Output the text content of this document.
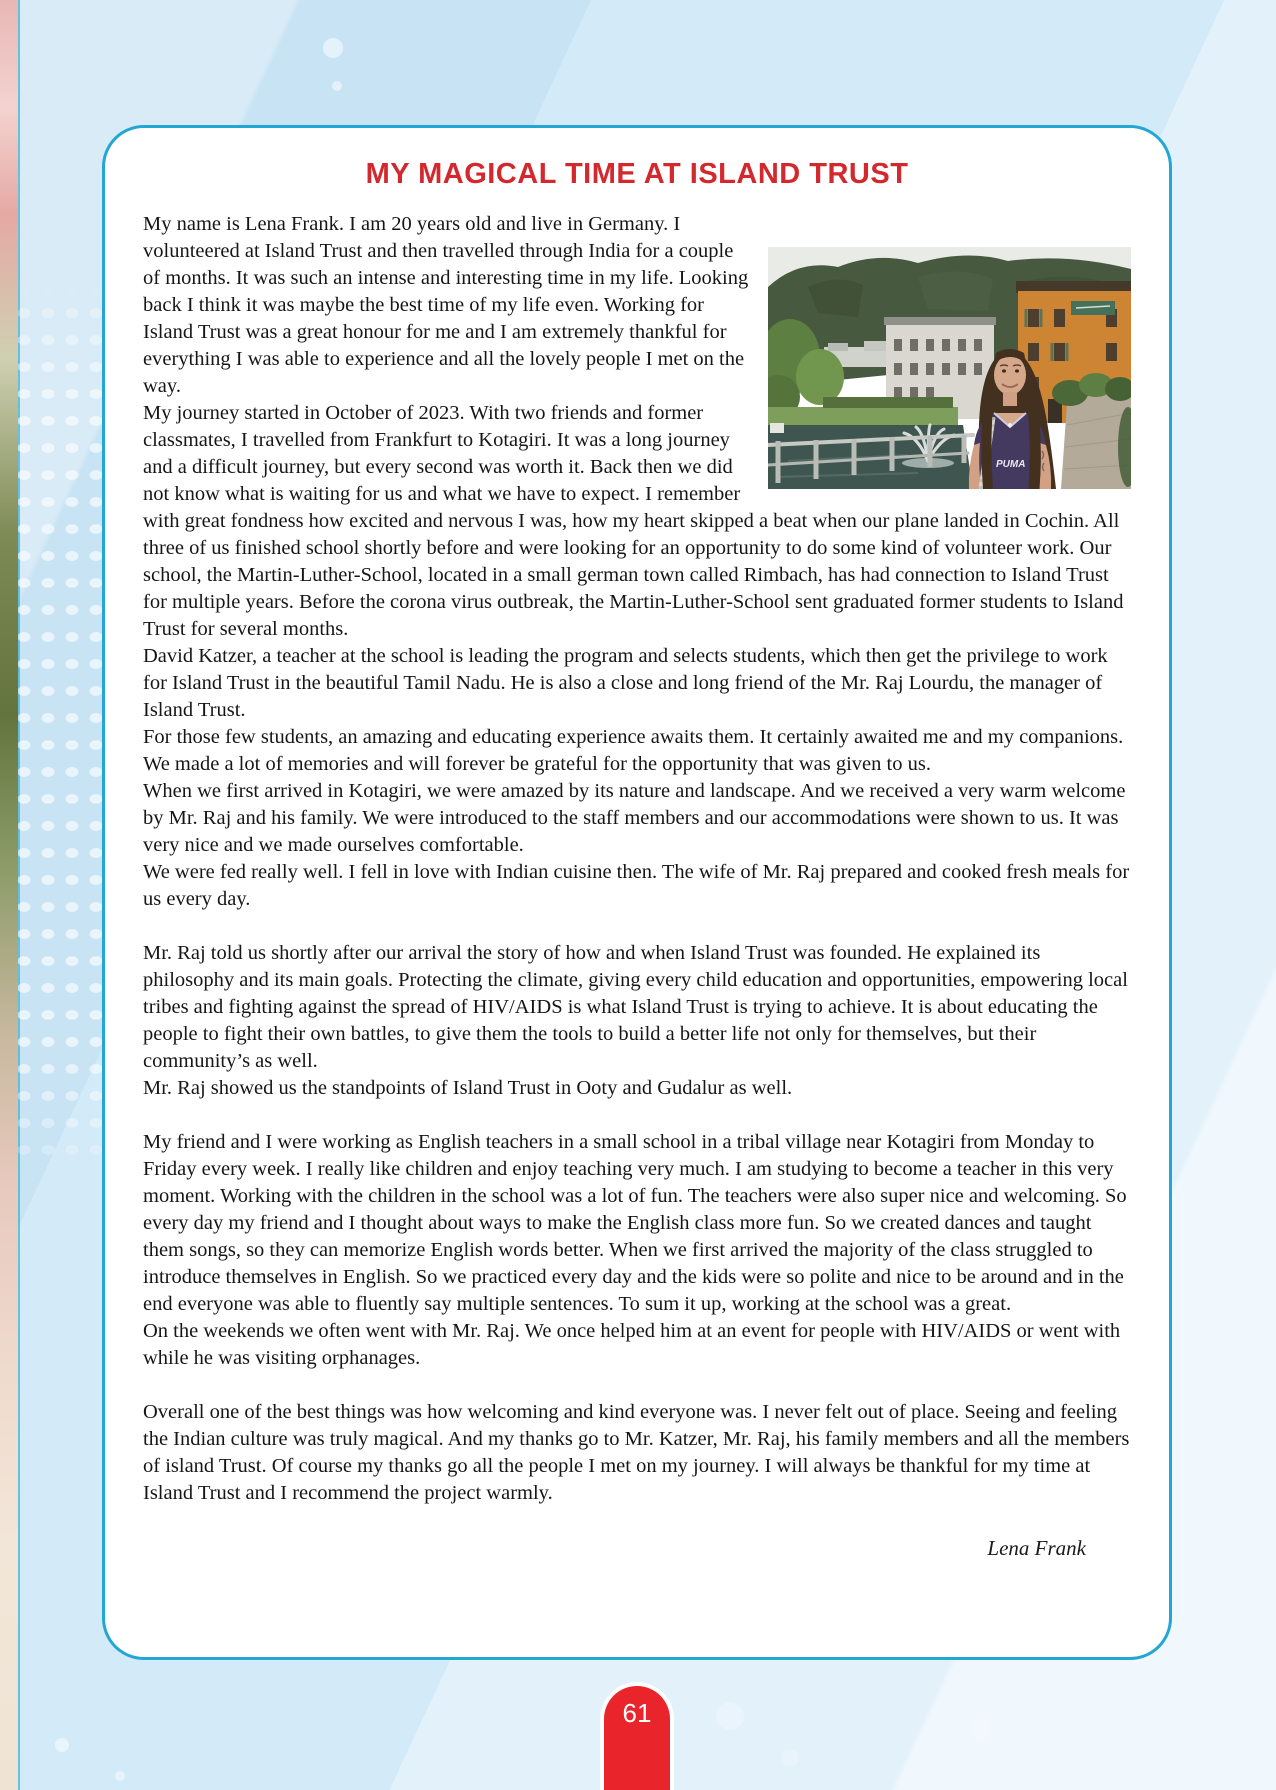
MY MAGICAL TIME AT ISLAND TRUST
PUMA

My name is Lena Frank. I am 20 years old and live in Germany. I volunteered at Island Trust and then travelled through India for a couple of months. It was such an intense and interesting time in my life. Looking back I think it was maybe the best time of my life even. Working for Island Trust was a great honour for me and I am extremely thankful for everything I was able to experience and all the lovely people I met on the way.

My journey started in October of 2023. With two friends and former classmates, I travelled from Frankfurt to Kotagiri. It was a long journey and a difficult journey, but every second was worth it. Back then we did not know what is waiting for us and what we have to expect. I remember with great fondness how excited and nervous I was, how my heart skipped a beat when our plane landed in Cochin. All three of us finished school shortly before and were looking for an opportunity to do some kind of volunteer work. Our school, the Martin-Luther-School, located in a small german town called Rimbach, has had connection to Island Trust for multiple years. Before the corona virus outbreak, the Martin-Luther-School sent graduated former students to Island Trust for several months.

David Katzer, a teacher at the school is leading the program and selects students, which then get the privilege to work for Island Trust in the beautiful Tamil Nadu. He is also a close and long friend of the Mr. Raj Lourdu, the manager of Island Trust.

For those few students, an amazing and educating experience awaits them. It certainly awaited me and my companions. We made a lot of memories and will forever be grateful for the opportunity that was given to us.

When we first arrived in Kotagiri, we were amazed by its nature and landscape. And we received a very warm welcome by Mr. Raj and his family. We were introduced to the staff members and our accommodations were shown to us. It was very nice and we made ourselves comfortable.

We were fed really well. I fell in love with Indian cuisine then. The wife of Mr. Raj prepared and cooked fresh meals for us every day.

Mr. Raj told us shortly after our arrival the story of how and when Island Trust was founded. He explained its philosophy and its main goals. Protecting the climate, giving every child education and opportunities, empowering local tribes and fighting against the spread of HIV/AIDS is what Island Trust is trying to achieve. It is about educating the people to fight their own battles, to give them the tools to build a better life not only for themselves, but their community’s as well.

Mr. Raj showed us the standpoints of Island Trust in Ooty and Gudalur as well.

My friend and I were working as English teachers in a small school in a tribal village near Kotagiri from Monday to Friday every week. I really like children and enjoy teaching very much. I am studying to become a teacher in this very moment. Working with the children in the school was a lot of fun. The teachers were also super nice and welcoming. So every day my friend and I thought about ways to make the English class more fun. So we created dances and taught them songs, so they can memorize English words better. When we first arrived the majority of the class struggled to introduce themselves in English. So we practiced every day and the kids were so polite and nice to be around and in the end everyone was able to fluently say multiple sentences. To sum it up, working at the school was a great.

On the weekends we often went with Mr. Raj. We once helped him at an event for people with HIV/AIDS or went with while he was visiting orphanages.

Overall one of the best things was how welcoming and kind everyone was. I never felt out of place. Seeing and feeling the Indian culture was truly magical. And my thanks go to Mr. Katzer, Mr. Raj, his family members and all the members of island Trust. Of course my thanks go all the people I met on my journey. I will always be thankful for my time at Island Trust and I recommend the project warmly.

Lena Frank
61
